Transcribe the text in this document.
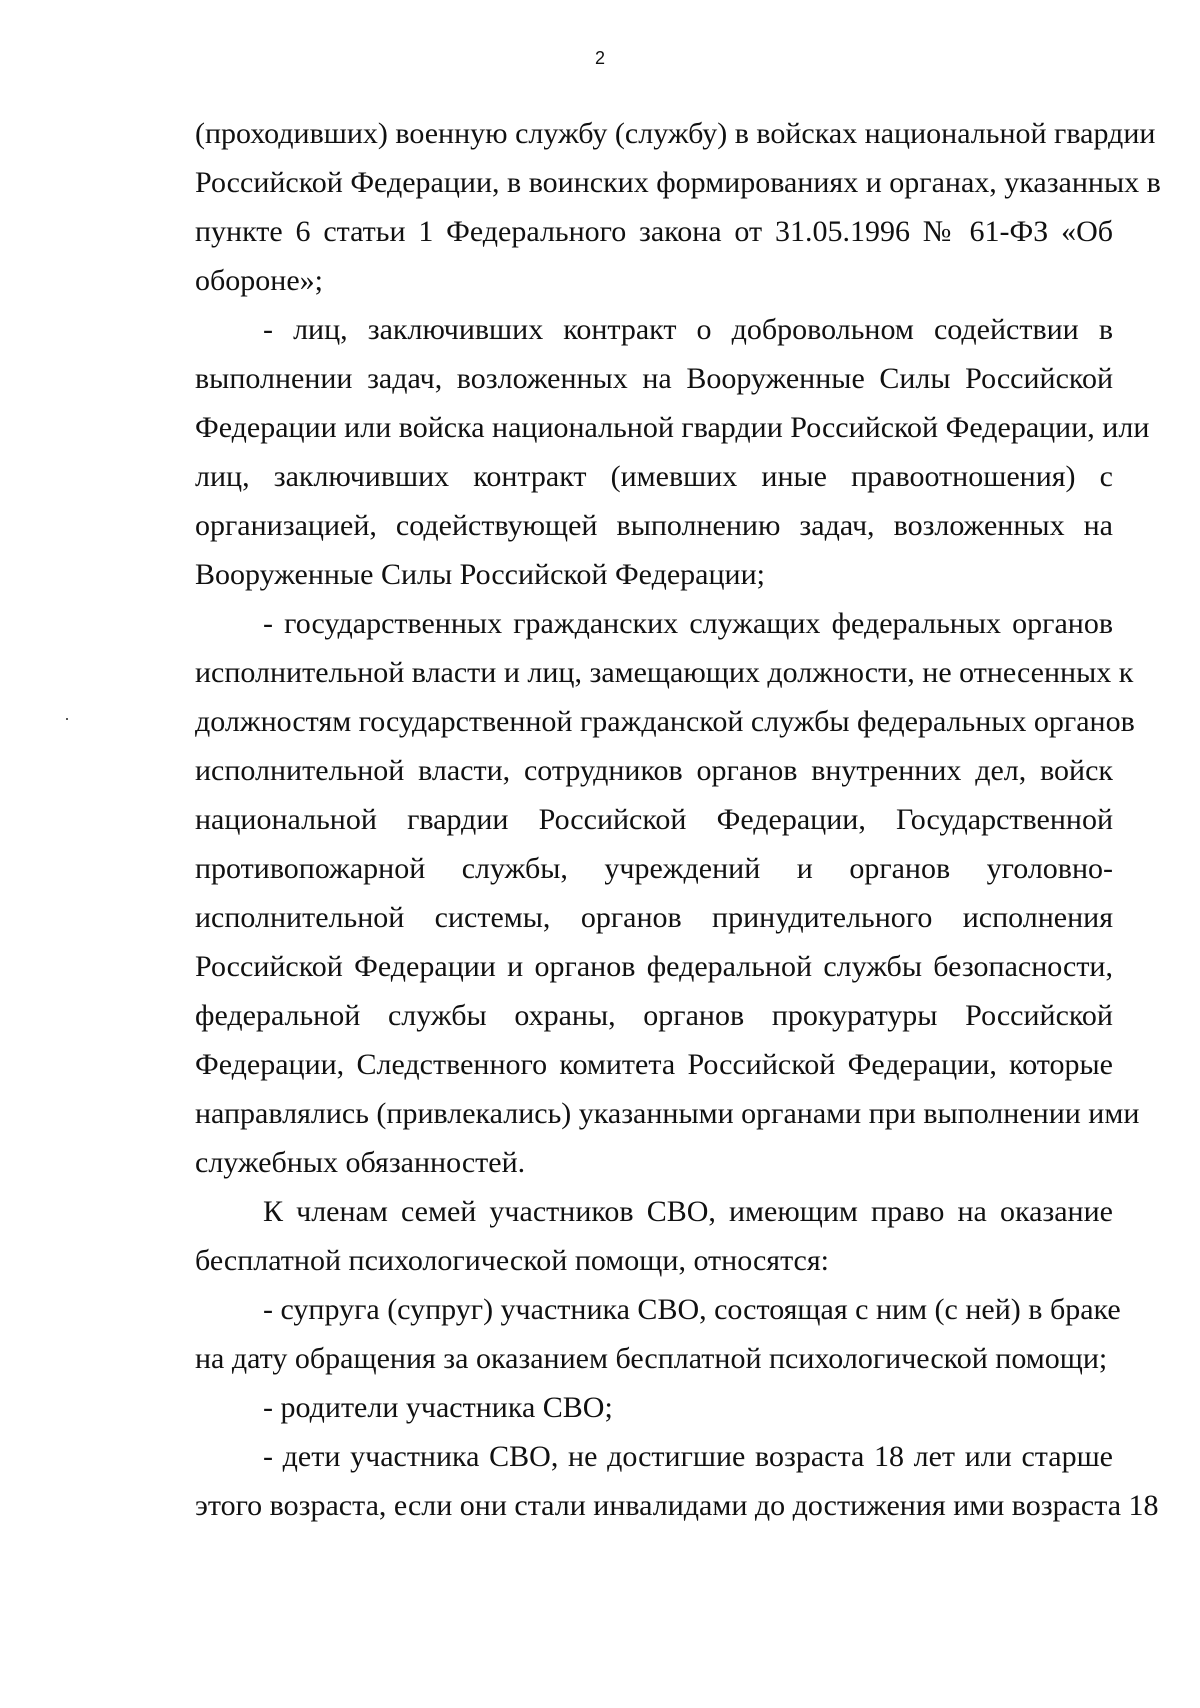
2
(проходивших) военную службу (службу) в войсках национальной гвардии
Российской Федерации, в воинских формированиях и органах, указанных в
пункте 6 статьи 1 Федерального закона от 31.05.1996 № 61-ФЗ «Об
обороне»;
- лиц, заключивших контракт о добровольном содействии в
выполнении задач, возложенных на Вооруженные Силы Российской
Федерации или войска национальной гвардии Российской Федерации, или
лиц, заключивших контракт (имевших иные правоотношения) с
организацией, содействующей выполнению задач, возложенных на
Вооруженные Силы Российской Федерации;
- государственных гражданских служащих федеральных органов
исполнительной власти и лиц, замещающих должности, не отнесенных к
должностям государственной гражданской службы федеральных органов
исполнительной власти, сотрудников органов внутренних дел, войск
национальной гвардии Российской Федерации, Государственной
противопожарной службы, учреждений и органов уголовно-
исполнительной системы, органов принудительного исполнения
Российской Федерации и органов федеральной службы безопасности,
федеральной службы охраны, органов прокуратуры Российской
Федерации, Следственного комитета Российской Федерации, которые
направлялись (привлекались) указанными органами при выполнении ими
служебных обязанностей.
К членам семей участников СВО, имеющим право на оказание
бесплатной психологической помощи, относятся:
- супруга (супруг) участника СВО, состоящая с ним (с ней) в браке
на дату обращения за оказанием бесплатной психологической помощи;
- родители участника СВО;
- дети участника СВО, не достигшие возраста 18 лет или старше
этого возраста, если они стали инвалидами до достижения ими возраста 18
